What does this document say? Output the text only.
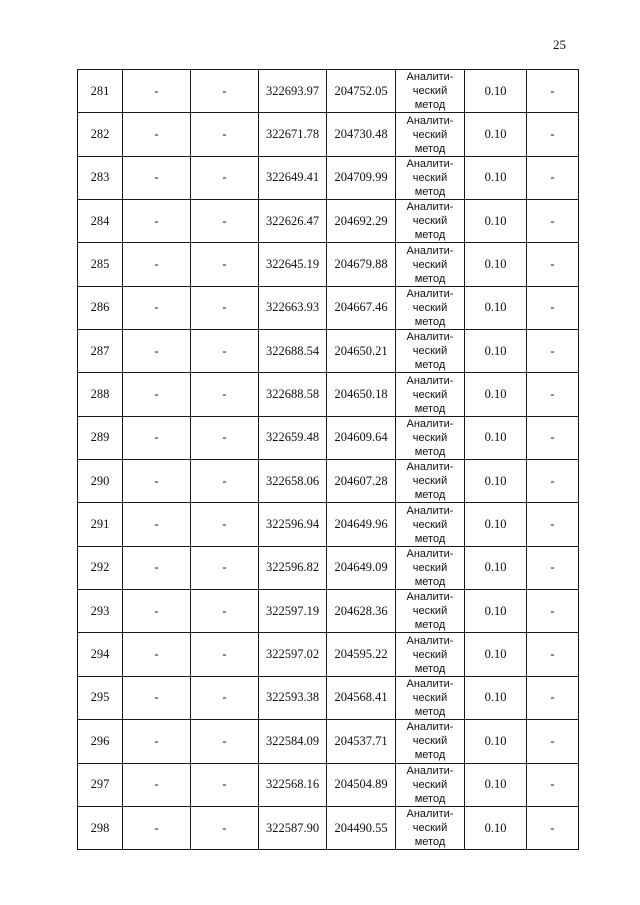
25
281	-	-	322693.97	204752.05	Аналити-
ческий
метод	0.10	-
282	-	-	322671.78	204730.48	Аналити-
ческий
метод	0.10	-
283	-	-	322649.41	204709.99	Аналити-
ческий
метод	0.10	-
284	-	-	322626.47	204692.29	Аналити-
ческий
метод	0.10	-
285	-	-	322645.19	204679.88	Аналити-
ческий
метод	0.10	-
286	-	-	322663.93	204667.46	Аналити-
ческий
метод	0.10	-
287	-	-	322688.54	204650.21	Аналити-
ческий
метод	0.10	-
288	-	-	322688.58	204650.18	Аналити-
ческий
метод	0.10	-
289	-	-	322659.48	204609.64	Аналити-
ческий
метод	0.10	-
290	-	-	322658.06	204607.28	Аналити-
ческий
метод	0.10	-
291	-	-	322596.94	204649.96	Аналити-
ческий
метод	0.10	-
292	-	-	322596.82	204649.09	Аналити-
ческий
метод	0.10	-
293	-	-	322597.19	204628.36	Аналити-
ческий
метод	0.10	-
294	-	-	322597.02	204595.22	Аналити-
ческий
метод	0.10	-
295	-	-	322593.38	204568.41	Аналити-
ческий
метод	0.10	-
296	-	-	322584.09	204537.71	Аналити-
ческий
метод	0.10	-
297	-	-	322568.16	204504.89	Аналити-
ческий
метод	0.10	-
298	-	-	322587.90	204490.55	Аналити-
ческий
метод	0.10	-
